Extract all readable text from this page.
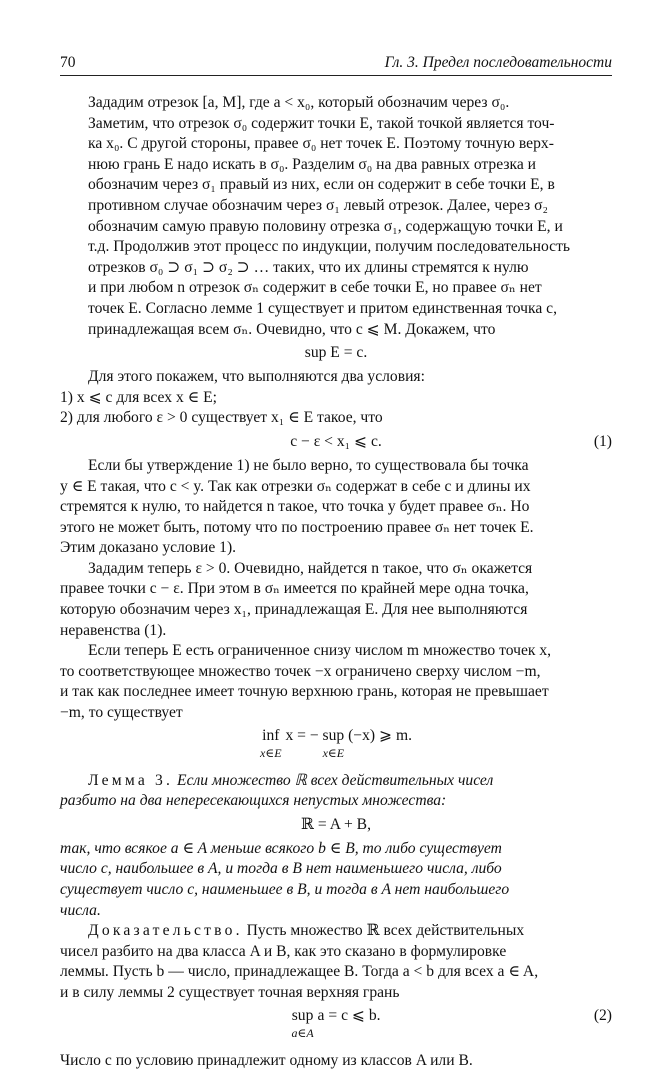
70	Гл. 3. Предел последовательности

Зададим отрезок [a, M], где a < x₀, который обозначим через σ₀.
Заметим, что отрезок σ₀ содержит точки E, такой точкой является точ-
ка x₀. С другой стороны, правее σ₀ нет точек E. Поэтому точную верх-
нюю грань E надо искать в σ₀. Разделим σ₀ на два равных отрезка и
обозначим через σ₁ правый из них, если он содержит в себе точки E, в
противном случае обозначим через σ₁ левый отрезок. Далее, через σ₂
обозначим самую правую половину отрезка σ₁, содержащую точки E, и
т.д. Продолжив этот процесс по индукции, получим последовательность
отрезков σ₀ ⊃ σ₁ ⊃ σ₂ ⊃ … таких, что их длины стремятся к нулю
и при любом n отрезок σₙ содержит в себе точки E, но правее σₙ нет
точек E. Согласно лемме 1 существует и притом единственная точка c,
принадлежащая всем σₙ. Очевидно, что c ⩽ M. Докажем, что

sup E = c.

Для этого покажем, что выполняются два условия:
1) x ⩽ c для всех x ∈ E;
2) для любого ε > 0 существует x₁ ∈ E такое, что

c − ε < x₁ ⩽ c.	(1)

Если бы утверждение 1) не было верно, то существовала бы точка
y ∈ E такая, что c < y. Так как отрезки σₙ содержат в себе c и длины их
стремятся к нулю, то найдется n такое, что точка y будет правее σₙ. Но
этого не может быть, потому что по построению правее σₙ нет точек E.
Этим доказано условие 1).

Зададим теперь ε > 0. Очевидно, найдется n такое, что σₙ окажется
правее точки c − ε. При этом в σₙ имеется по крайней мере одна точка,
которую обозначим через x₁, принадлежащая E. Для нее выполняются
неравенства (1).

Если теперь E есть ограниченное снизу числом m множество точек x,
то соответствующее множество точек −x ограничено сверху числом −m,
и так как последнее имеет точную верхнюю грань, которая не превышает
−m, то существует

inf
x∈E
x = − sup
x∈E
(−x) ⩾ m.

Лемма 3. Если множество ℝ всех действительных чисел
разбито на два непересекающихся непустых множества:

ℝ = A + B,

так, что всякое a ∈ A меньше всякого b ∈ B, то либо существует
число c, наибольшее в A, и тогда в B нет наименьшего числа, либо
существует число c, наименьшее в B, и тогда в A нет наибольшего
числа.

Доказательство. Пусть множество ℝ всех действительных
чисел разбито на два класса A и B, как это сказано в формулировке
леммы. Пусть b — число, принадлежащее B. Тогда a < b для всех a ∈ A,
и в силу леммы 2 существует точная верхняя грань

sup
a∈A
a = c ⩽ b.	(2)

Число c по условию принадлежит одному из классов A или B.
